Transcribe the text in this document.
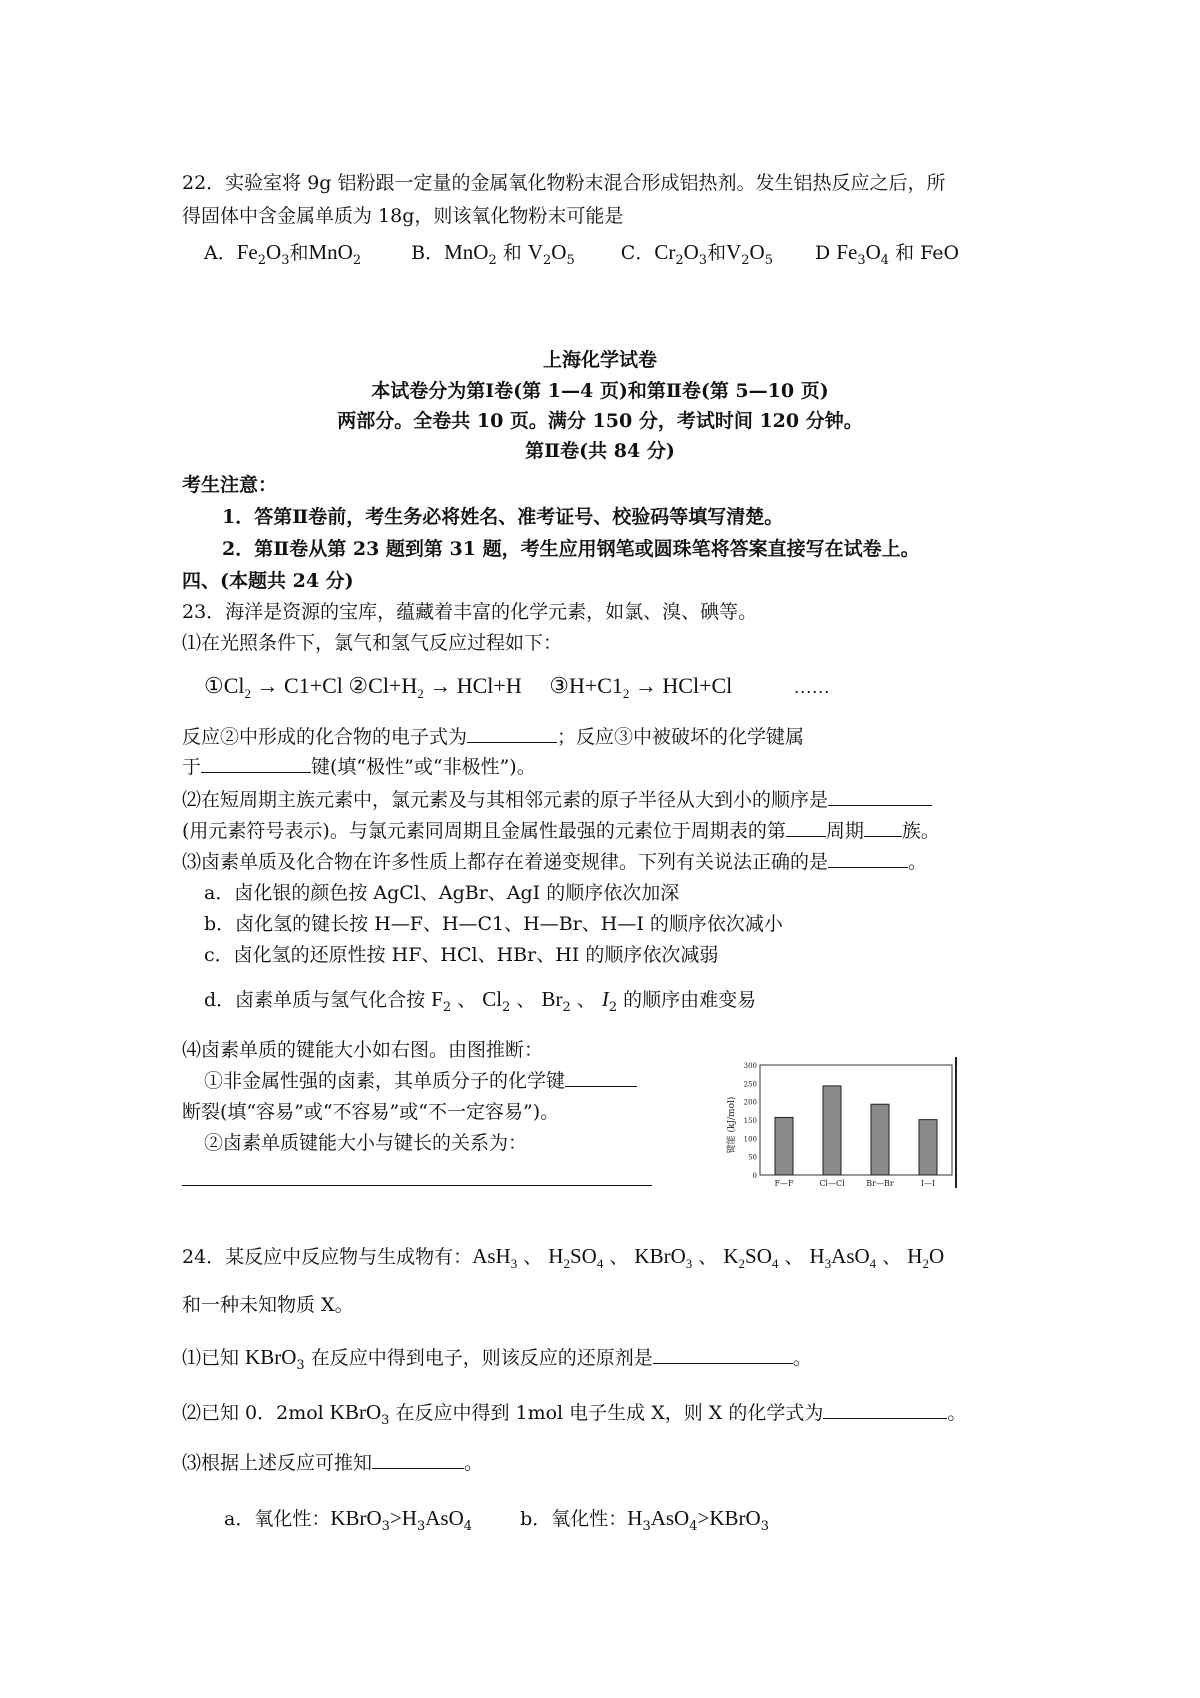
22．实验室将 9g 铝粉跟一定量的金属氧化物粉末混合形成铝热剂。发生铝热反应之后，所
得固体中含金属单质为 18g，则该氧化物粉末可能是
A．$Fe_2O_3$和MnO$_2$	B．MnO$_2$ 和 $V_2O_5$ C．$Cr_2O_3$和$V_2O_5$ D $Fe_3O_4$ 和 FeO
上海化学试卷
本试卷分为第Ⅰ卷(第 1—4 页)和第Ⅱ卷(第 5—10 页)
两部分。全卷共 10 页。满分 150 分，考试时间 120 分钟。
第Ⅱ卷(共 84 分)
考生注意：
1．答第Ⅱ卷前，考生务必将姓名、准考证号、校验码等填写清楚。
2．第Ⅱ卷从第 23 题到第 31 题，考生应用钢笔或圆珠笔将答案直接写在试卷上。
四、(本题共 24 分)
23．海洋是资源的宝库，蕴藏着丰富的化学元素，如氯、溴、碘等。
⑴在光照条件下，氯气和氢气反应过程如下：
$①Cl_2 \to C1+Cl$ $②Cl+H_2 \to HCl+H$ $③H+C1_2 \to HCl+Cl$	……
反应②中形成的化合物的电子式为	；反应③中被破坏的化学键属
于	键(填“极性”或“非极性”)。
⑵在短周期主族元素中，氯元素及与其相邻元素的原子半径从大到小的顺序是
(用元素符号表示)。与氯元素同周期且金属性最强的元素位于周期表的第 周期 族。
⑶卤素单质及化合物在许多性质上都存在着递变规律。下列有关说法正确的是	。
a．卤化银的颜色按 AgCl、AgBr、AgI 的顺序依次加深
b．卤化氢的键长按 H—F、H—C1、H—Br、H—I 的顺序依次减小
c．卤化氢的还原性按 HF、HCl、HBr、HI 的顺序依次减弱
d．卤素单质与氢气化合按 $F_2$ 、 $Cl_2$ 、 $Br_2$ 、 $I_2$ 的顺序由难变易
⑷卤素单质的键能大小如右图。由图推断：
①非金属性强的卤素，其单质分子的化学键
断裂(填“容易”或“不容易”或“不一定容易”)。
②卤素单质键能大小与键长的关系为：
300
250
200
150
100
50
0
F—F	Cl—Cl	Br—Br	I—I
键能 (kJ/mol)
24．某反应中反应物与生成物有：AsH$_3$ 、 $H_2SO_4$ 、 KBrO$_3$ 、 $K_2SO_4$ 、 $H_3AsO_4$ 、 $H_2O$
和一种未知物质 X。
⑴已知 KBrO$_3$ 在反应中得到电子，则该反应的还原剂是	。
⑵已知 0．2mol KBrO$_3$ 在反应中得到 1mol 电子生成 X，则 X 的化学式为	。
⑶根据上述反应可推知	。
a．氧化性：$KBrO_3>H_3AsO_4$	b．氧化性：$H_3AsO_4>KBrO_3$
